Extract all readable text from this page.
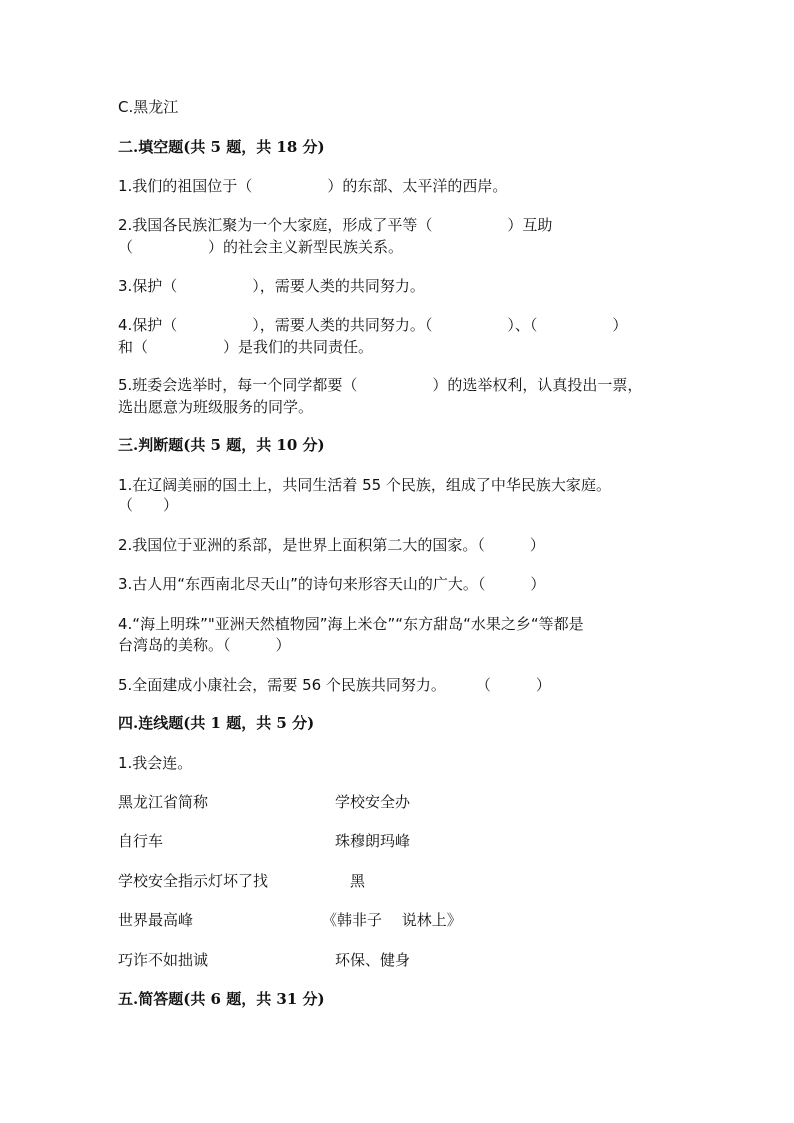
C.黑龙江
二.填空题(共 5 题，共 18 分)
1.我们的祖国位于（　　　　　）的东部、太平洋的西岸。
2.我国各民族汇聚为一个大家庭，形成了平等（　　　　　）互助
（　　　　　）的社会主义新型民族关系。
3.保护（　　　　　），需要人类的共同努力。
4.保护（　　　　　），需要人类的共同努力。（　　　　　）、（　　　　　）
和（　　　　　）是我们的共同责任。
5.班委会选举时，每一个同学都要（　　　　　）的选举权利，认真投出一票，
选出愿意为班级服务的同学。
三.判断题(共 5 题，共 10 分)
1.在辽阔美丽的国土上，共同生活着 55 个民族，组成了中华民族大家庭。
（　　）
2.我国位于亚洲的系部，是世界上面积第二大的国家。（　　　）
3.古人用“东西南北尽天山”的诗句来形容天山的广大。（　　　）
4.“海上明珠”"亚洲天然植物园”海上米仓”“东方甜岛“水果之乡“等都是
台湾岛的美称。（　　　）
5.全面建成小康社会，需要 56 个民族共同努力。　　　（　　　）
四.连线题(共 1 题，共 5 分)
1.我会连。
黑龙江省简称	学校安全办
自行车	珠穆朗玛峰
学校安全指示灯坏了找	　黑
世界最高峰	《韩非子　 说林上》
巧诈不如拙诚	环保、健身
五.简答题(共 6 题，共 31 分)
